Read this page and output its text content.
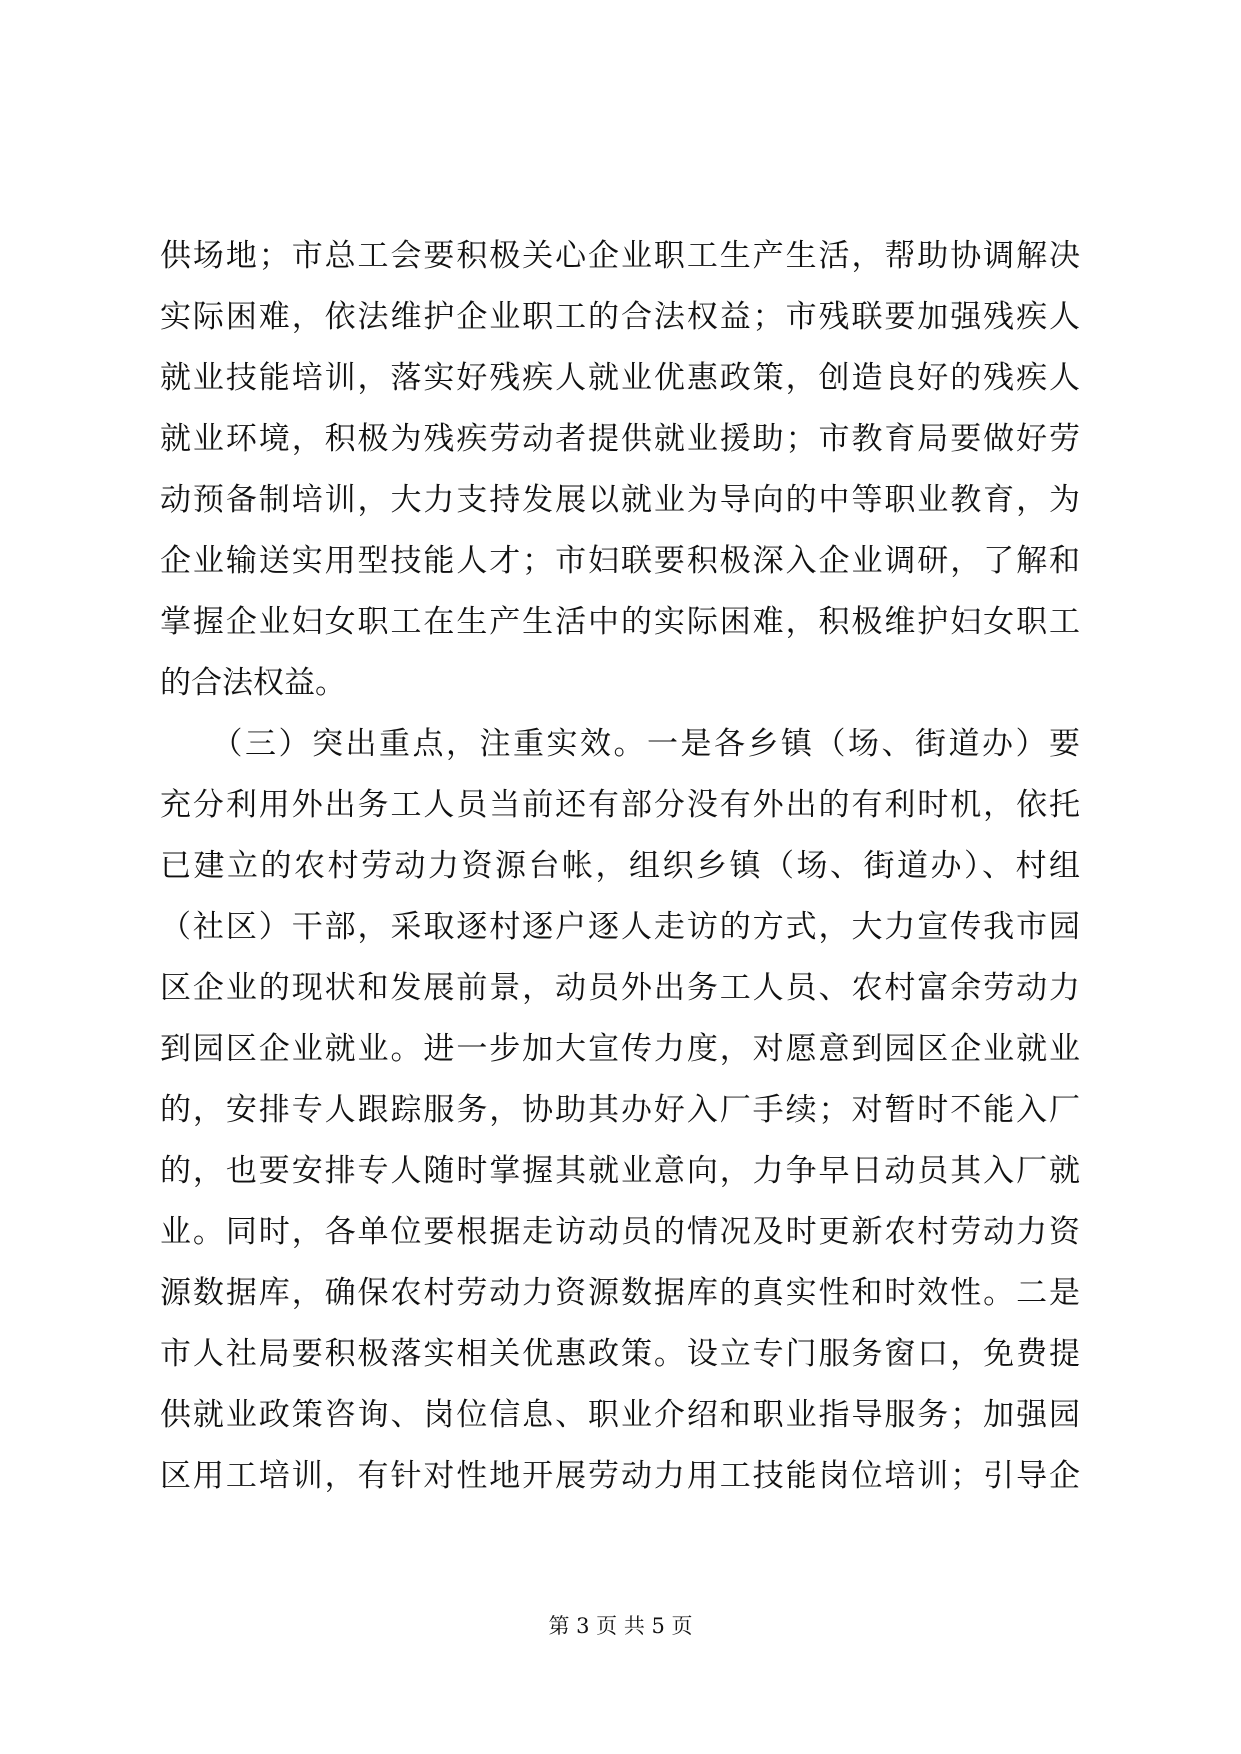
供场地；市总工会要积极关心企业职工生产生活，帮助协调解决
实际困难，依法维护企业职工的合法权益；市残联要加强残疾人
就业技能培训，落实好残疾人就业优惠政策，创造良好的残疾人
就业环境，积极为残疾劳动者提供就业援助；市教育局要做好劳
动预备制培训，大力支持发展以就业为导向的中等职业教育，为
企业输送实用型技能人才；市妇联要积极深入企业调研，了解和
掌握企业妇女职工在生产生活中的实际困难，积极维护妇女职工
的合法权益。
　　（三）突出重点，注重实效。一是各乡镇（场、街道办）要
充分利用外出务工人员当前还有部分没有外出的有利时机，依托
已建立的农村劳动力资源台帐，组织乡镇（场、街道办）、村组
（社区）干部，采取逐村逐户逐人走访的方式，大力宣传我市园
区企业的现状和发展前景，动员外出务工人员、农村富余劳动力
到园区企业就业。进一步加大宣传力度，对愿意到园区企业就业
的，安排专人跟踪服务，协助其办好入厂手续；对暂时不能入厂
的，也要安排专人随时掌握其就业意向，力争早日动员其入厂就
业。同时，各单位要根据走访动员的情况及时更新农村劳动力资
源数据库，确保农村劳动力资源数据库的真实性和时效性。二是
市人社局要积极落实相关优惠政策。设立专门服务窗口，免费提
供就业政策咨询、岗位信息、职业介绍和职业指导服务；加强园
区用工培训，有针对性地开展劳动力用工技能岗位培训；引导企
第 3 页 共 5 页
